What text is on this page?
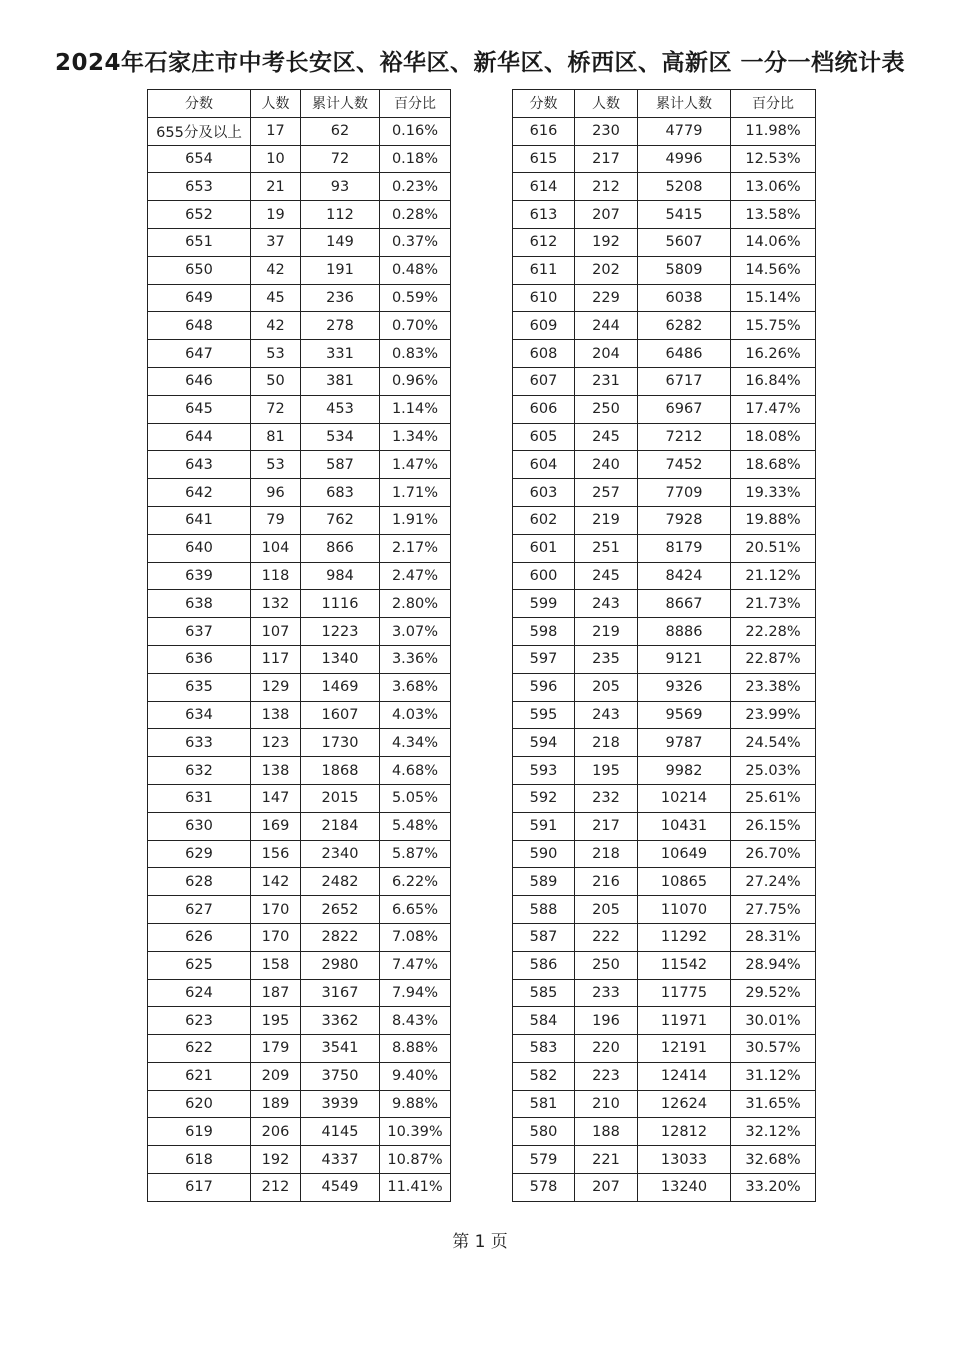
2024年石家庄市中考长安区、裕华区、新华区、桥西区、高新区 一分一档统计表
分数	人数	累计人数	百分比
655分及以上	17	62	0.16%
654	10	72	0.18%
653	21	93	0.23%
652	19	112	0.28%
651	37	149	0.37%
650	42	191	0.48%
649	45	236	0.59%
648	42	278	0.70%
647	53	331	0.83%
646	50	381	0.96%
645	72	453	1.14%
644	81	534	1.34%
643	53	587	1.47%
642	96	683	1.71%
641	79	762	1.91%
640	104	866	2.17%
639	118	984	2.47%
638	132	1116	2.80%
637	107	1223	3.07%
636	117	1340	3.36%
635	129	1469	3.68%
634	138	1607	4.03%
633	123	1730	4.34%
632	138	1868	4.68%
631	147	2015	5.05%
630	169	2184	5.48%
629	156	2340	5.87%
628	142	2482	6.22%
627	170	2652	6.65%
626	170	2822	7.08%
625	158	2980	7.47%
624	187	3167	7.94%
623	195	3362	8.43%
622	179	3541	8.88%
621	209	3750	9.40%
620	189	3939	9.88%
619	206	4145	10.39%
618	192	4337	10.87%
617	212	4549	11.41%
分数	人数	累计人数	百分比
616	230	4779	11.98%
615	217	4996	12.53%
614	212	5208	13.06%
613	207	5415	13.58%
612	192	5607	14.06%
611	202	5809	14.56%
610	229	6038	15.14%
609	244	6282	15.75%
608	204	6486	16.26%
607	231	6717	16.84%
606	250	6967	17.47%
605	245	7212	18.08%
604	240	7452	18.68%
603	257	7709	19.33%
602	219	7928	19.88%
601	251	8179	20.51%
600	245	8424	21.12%
599	243	8667	21.73%
598	219	8886	22.28%
597	235	9121	22.87%
596	205	9326	23.38%
595	243	9569	23.99%
594	218	9787	24.54%
593	195	9982	25.03%
592	232	10214	25.61%
591	217	10431	26.15%
590	218	10649	26.70%
589	216	10865	27.24%
588	205	11070	27.75%
587	222	11292	28.31%
586	250	11542	28.94%
585	233	11775	29.52%
584	196	11971	30.01%
583	220	12191	30.57%
582	223	12414	31.12%
581	210	12624	31.65%
580	188	12812	32.12%
579	221	13033	32.68%
578	207	13240	33.20%
第 1 页
